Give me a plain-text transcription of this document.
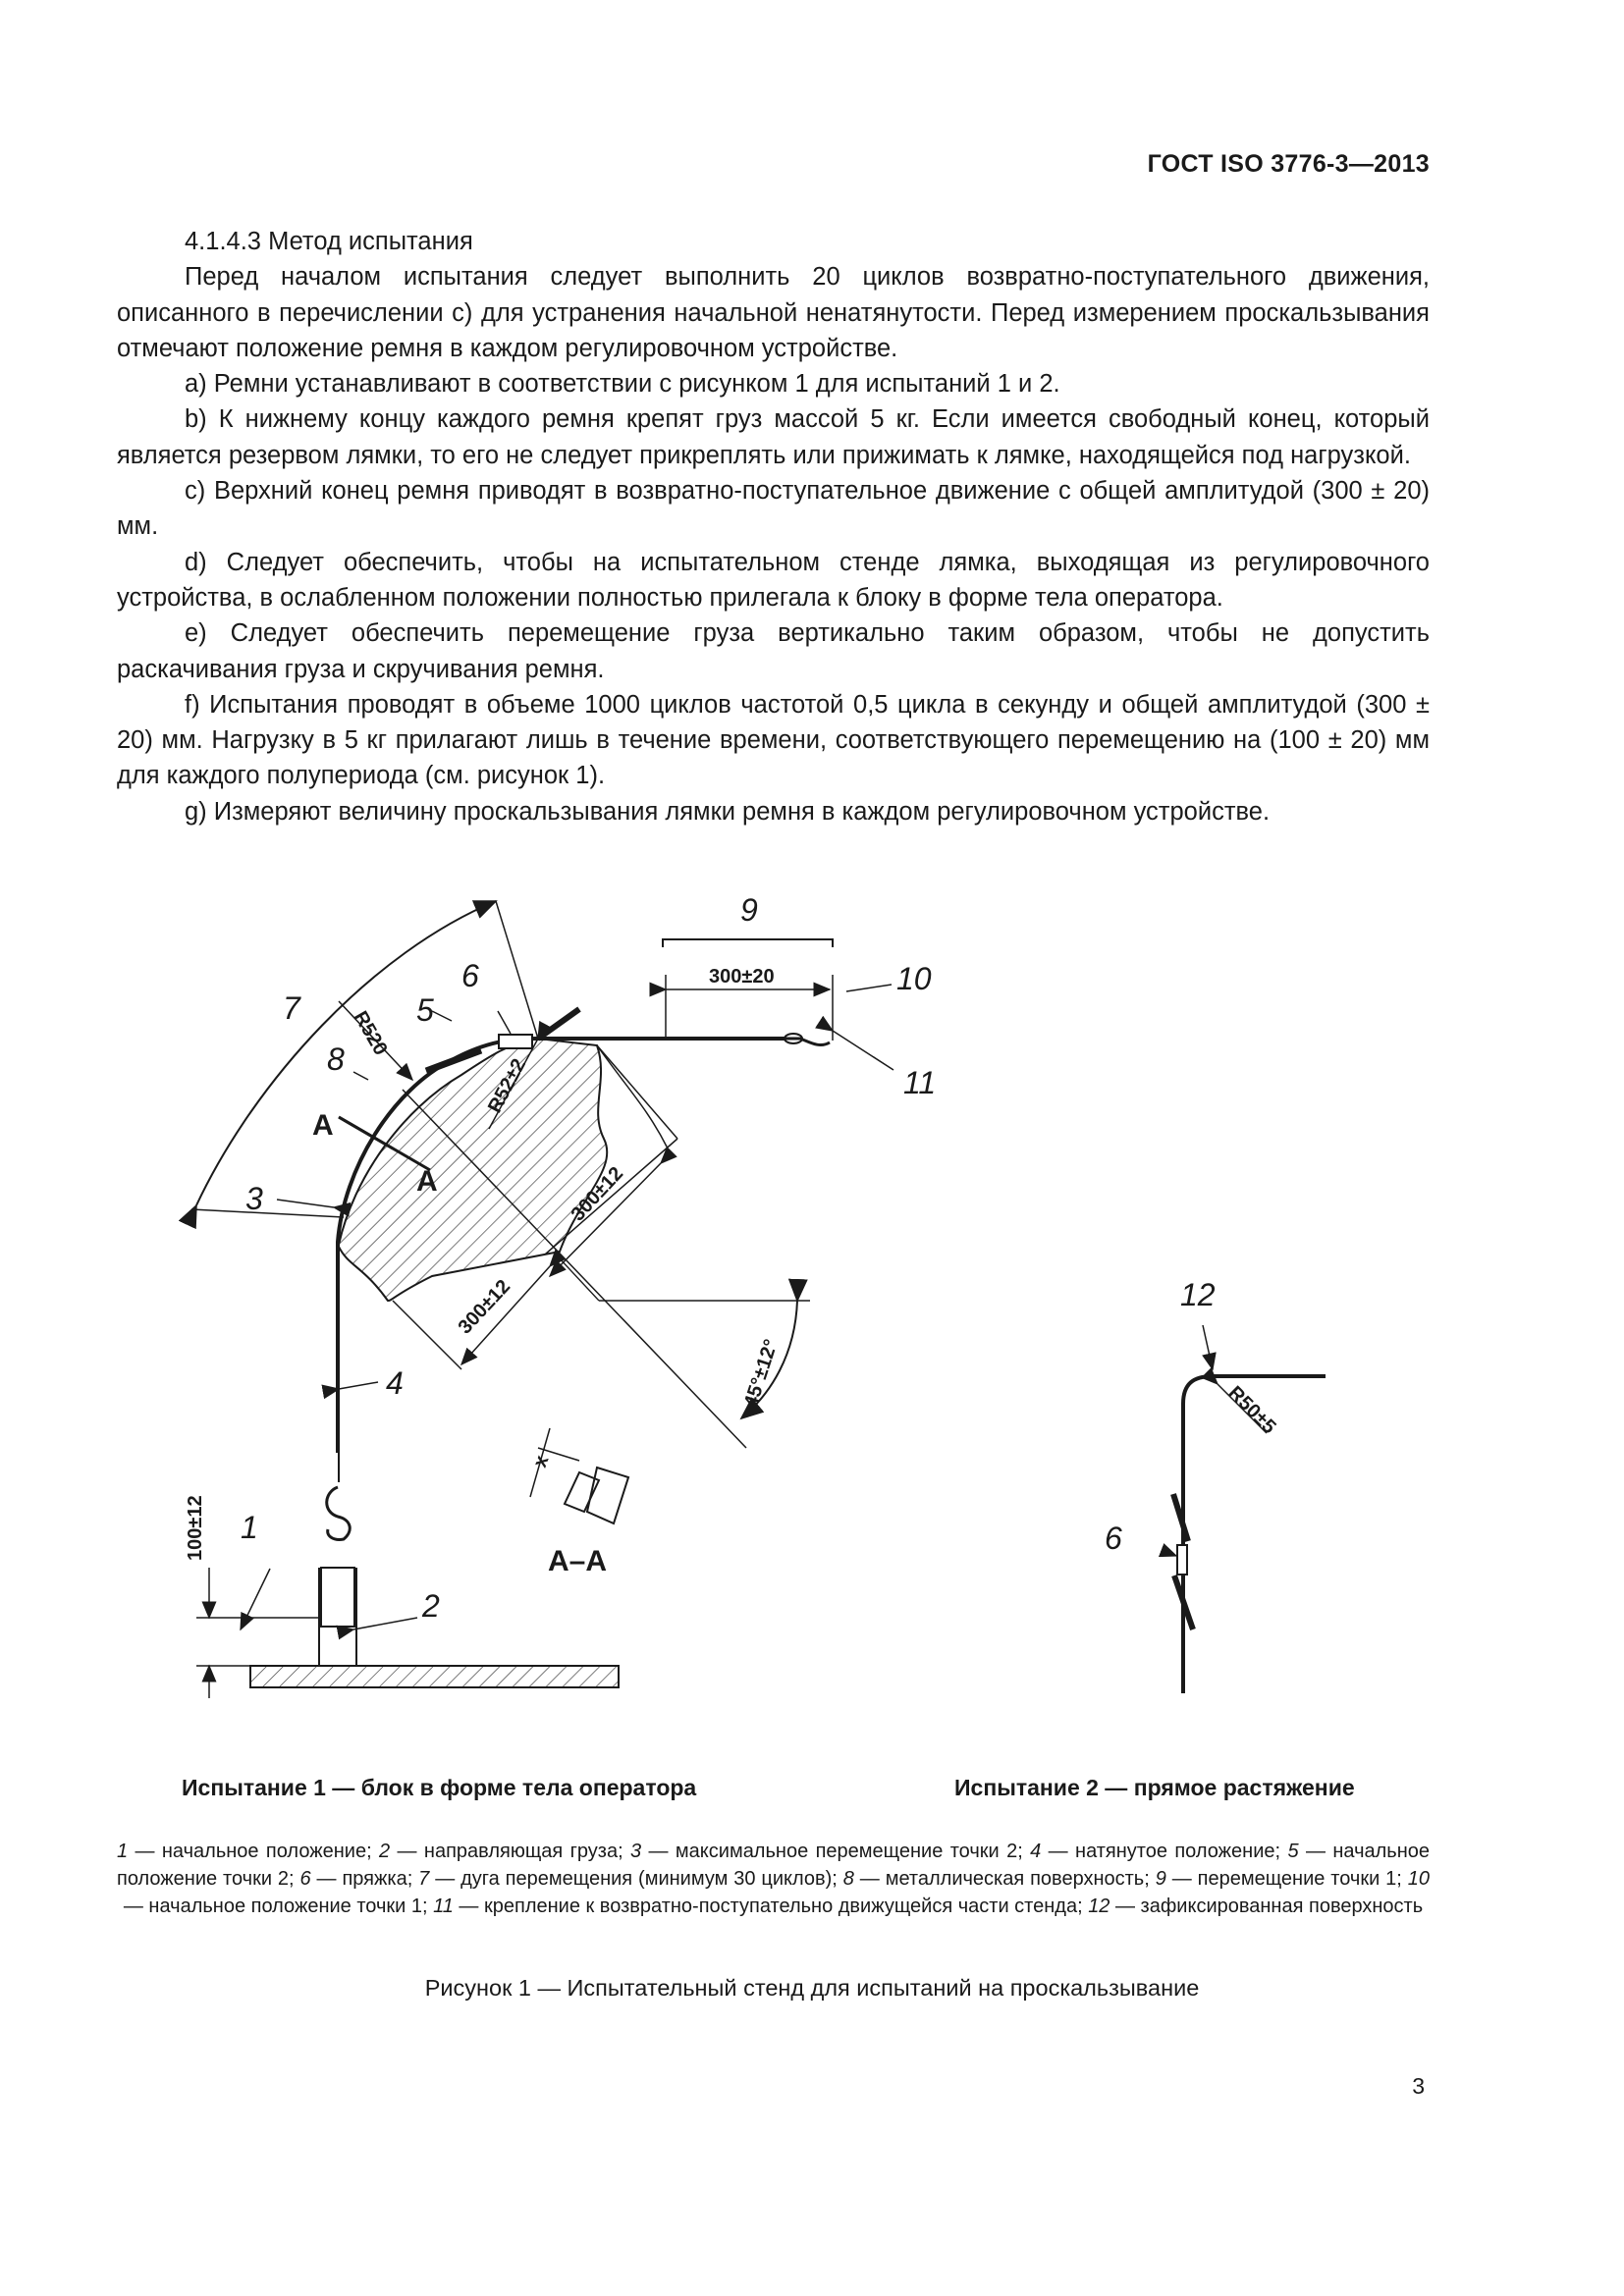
ГОСТ ISO 3776-3—2013

4.1.4.3 Метод испытания

Перед началом испытания следует выполнить 20 циклов возвратно-поступательного движения, описанного в перечислении c) для устранения начальной ненатянутости. Перед измерением проскальзывания отмечают положение ремня в каждом регулировочном устройстве.

a) Ремни устанавливают в соответствии с рисунком 1 для испытаний 1 и 2.

b) К нижнему концу каждого ремня крепят груз массой 5 кг. Если имеется свободный конец, который является резервом лямки, то его не следует прикреплять или прижимать к лямке, находящейся под нагрузкой.

c) Верхний конец ремня приводят в возвратно-поступательное движение с общей амплитудой (300 ± 20) мм.

d) Следует обеспечить, чтобы на испытательном стенде лямка, выходящая из регулировочного устройства, в ослабленном положении полностью прилегала к блоку в форме тела оператора.

e) Следует обеспечить перемещение груза вертикально таким образом, чтобы не допустить раскачивания груза и скручивания ремня.

f) Испытания проводят в объеме 1000 циклов частотой 0,5 цикла в секунду и общей амплитудой (300 ± 20) мм. Нагрузку в 5 кг прилагают лишь в течение времени, соответствующего перемещению на (100 ± 20) мм для каждого полупериода (см. рисунок 1).

g) Измеряют величину проскальзывания лямки ремня в каждом регулировочном устройстве.

7	5
6
8
3
4
1
2
9
10
11
12
6
A
A
А–А
x
300±20
R520
R52±2
300±12
300±12
45°±12°
100±12
R50±5
Испытание 1 — блок в форме тела оператора	Испытание 2 — прямое растяжение
1 — начальное положение; 2 — направляющая груза; 3 — максимальное перемещение точки 2; 4 — натянутое положение; 5 — начальное положение точки 2; 6 — пряжка; 7 — дуга перемещения (минимум 30 циклов); 8 — металлическая поверхность; 9 — перемещение точки 1; 10 — начальное положение точки 1; 11 — крепление к возвратно-поступательно движущейся части стенда; 12 — зафиксированная поверхность
Рисунок 1 — Испытательный стенд для испытаний на проскальзывание
3
